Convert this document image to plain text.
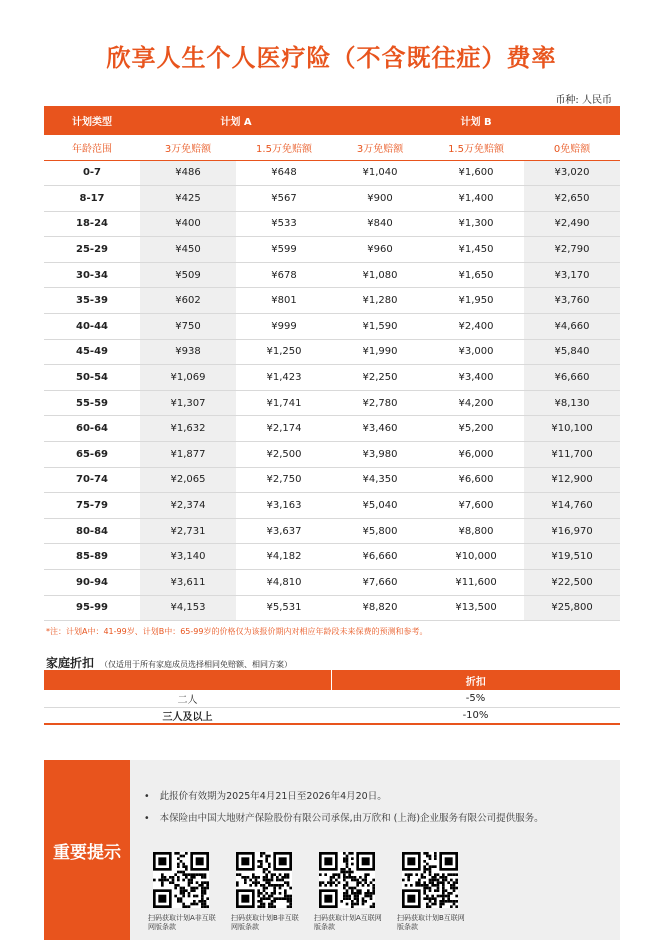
欣享人生个人医疗险（不含既往症）费率
币种: 人民币
计划类型	计划 A		计划 B		
年龄范围	3万免赔额	1.5万免赔额	3万免赔额	1.5万免赔额	0免赔额
0-7	¥486	¥648	¥1,040	¥1,600	¥3,020
8-17	¥425	¥567	¥900	¥1,400	¥2,650
18-24	¥400	¥533	¥840	¥1,300	¥2,490
25-29	¥450	¥599	¥960	¥1,450	¥2,790
30-34	¥509	¥678	¥1,080	¥1,650	¥3,170
35-39	¥602	¥801	¥1,280	¥1,950	¥3,760
40-44	¥750	¥999	¥1,590	¥2,400	¥4,660
45-49	¥938	¥1,250	¥1,990	¥3,000	¥5,840
50-54	¥1,069	¥1,423	¥2,250	¥3,400	¥6,660
55-59	¥1,307	¥1,741	¥2,780	¥4,200	¥8,130
60-64	¥1,632	¥2,174	¥3,460	¥5,200	¥10,100
65-69	¥1,877	¥2,500	¥3,980	¥6,000	¥11,700
70-74	¥2,065	¥2,750	¥4,350	¥6,600	¥12,900
75-79	¥2,374	¥3,163	¥5,040	¥7,600	¥14,760
80-84	¥2,731	¥3,637	¥5,800	¥8,800	¥16,970
85-89	¥3,140	¥4,182	¥6,660	¥10,000	¥19,510
90-94	¥3,611	¥4,810	¥7,660	¥11,600	¥22,500
95-99	¥4,153	¥5,531	¥8,820	¥13,500	¥25,800
*注：计划A中：41-99岁、计划B中：65-99岁的价格仅为该报价期内对相应年龄段未来保费的预测和参考。
家庭折扣 （仅适用于所有家庭成员选择相同免赔额、相同方案）
	折扣
二人	-5%
三人及以上	-10%
重要提示
• 此报价有效期为2025年4月21日至2026年4月20日。
• 本保险由中国大地财产保险股份有限公司承保,由万欣和 (上海)企业服务有限公司提供服务。
扫码获取计划A非互联网版条款
扫码获取计划B非互联网版条款
扫码获取计划A互联网版条款
扫码获取计划B互联网版条款
